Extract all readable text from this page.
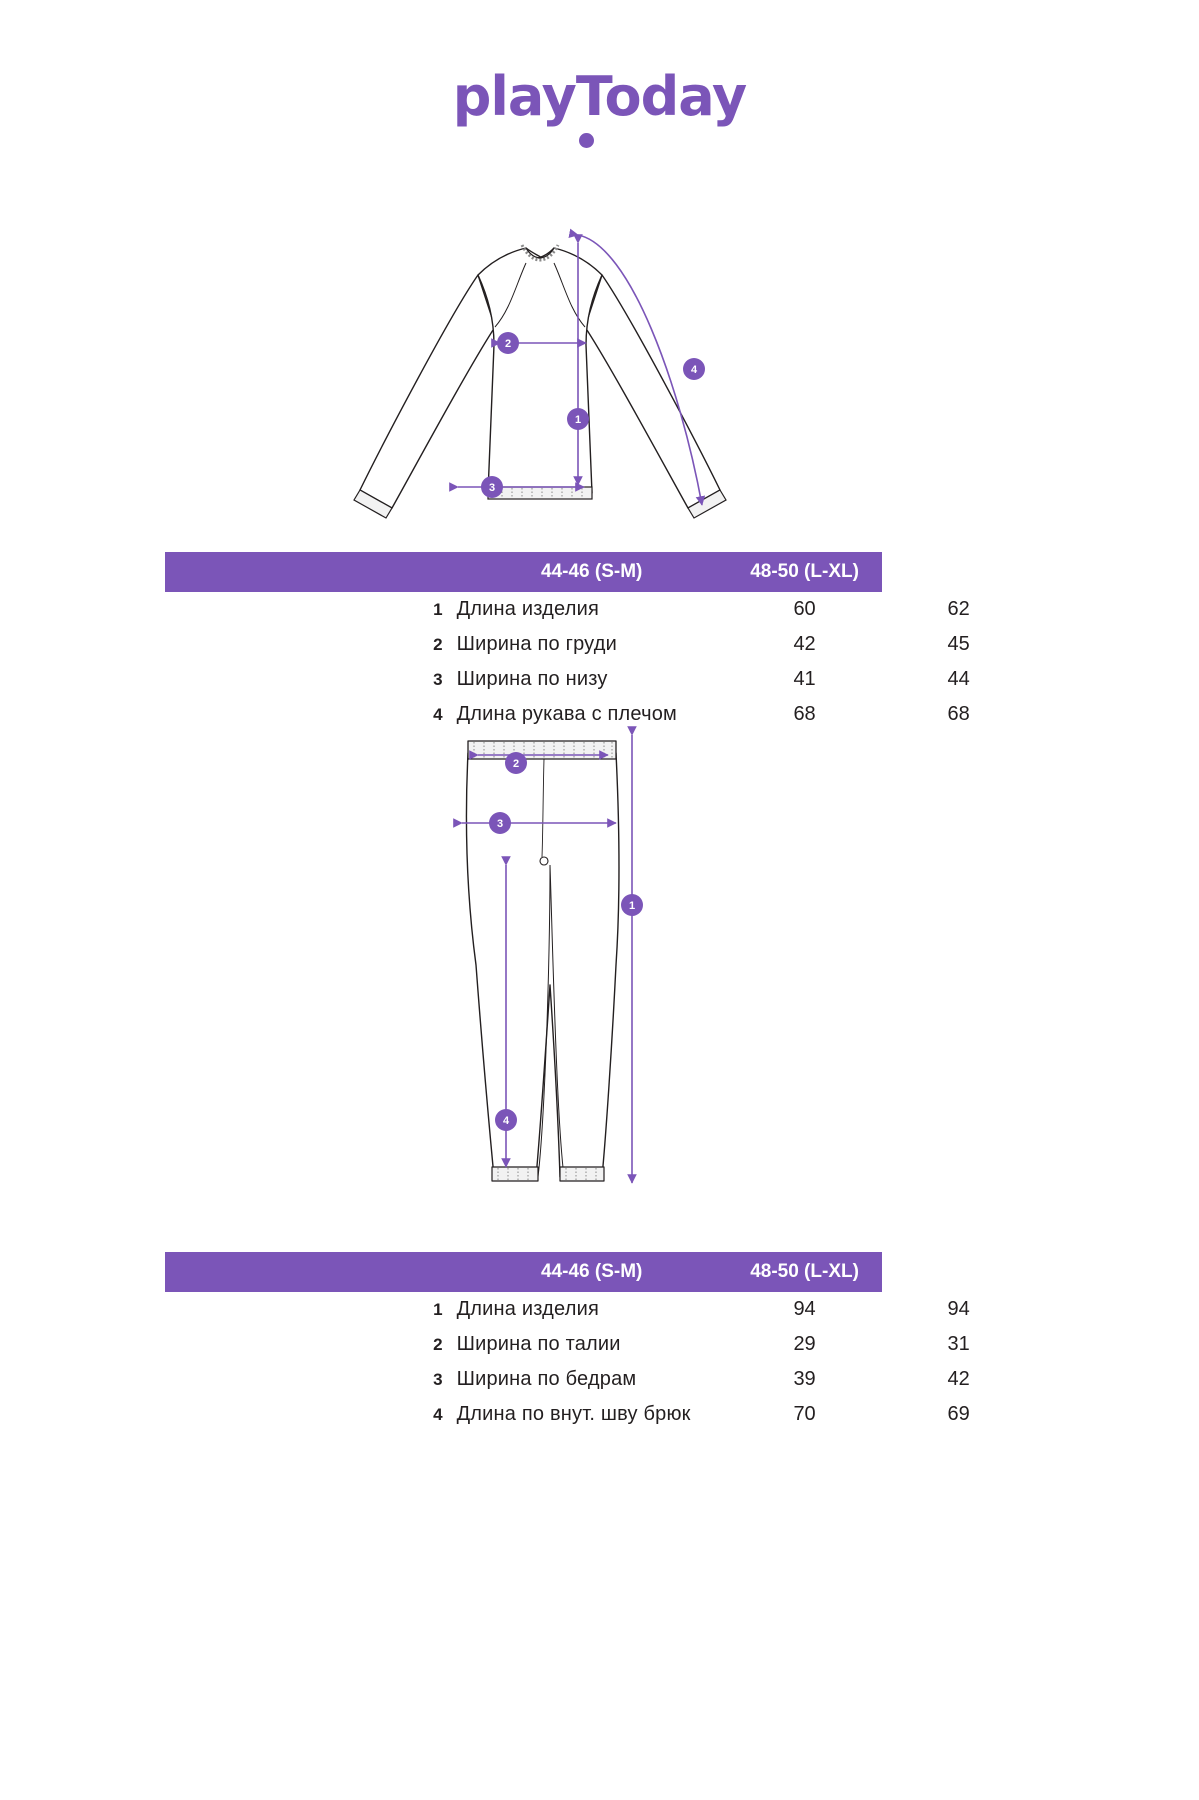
playToday
1
2
3
4
	44-46 (S-M)	48-50 (L-XL)	
1	Длина изделия	60	62
2	Ширина по груди	42	45
3	Ширина по низу	41	44
4	Длина рукава с плечом	68	68
2
3
1
4
	44-46 (S-M)	48-50 (L-XL)	
1	Длина изделия	94	94
2	Ширина по талии	29	31
3	Ширина по бедрам	39	42
4	Длина по внут. шву брюк	70	69
